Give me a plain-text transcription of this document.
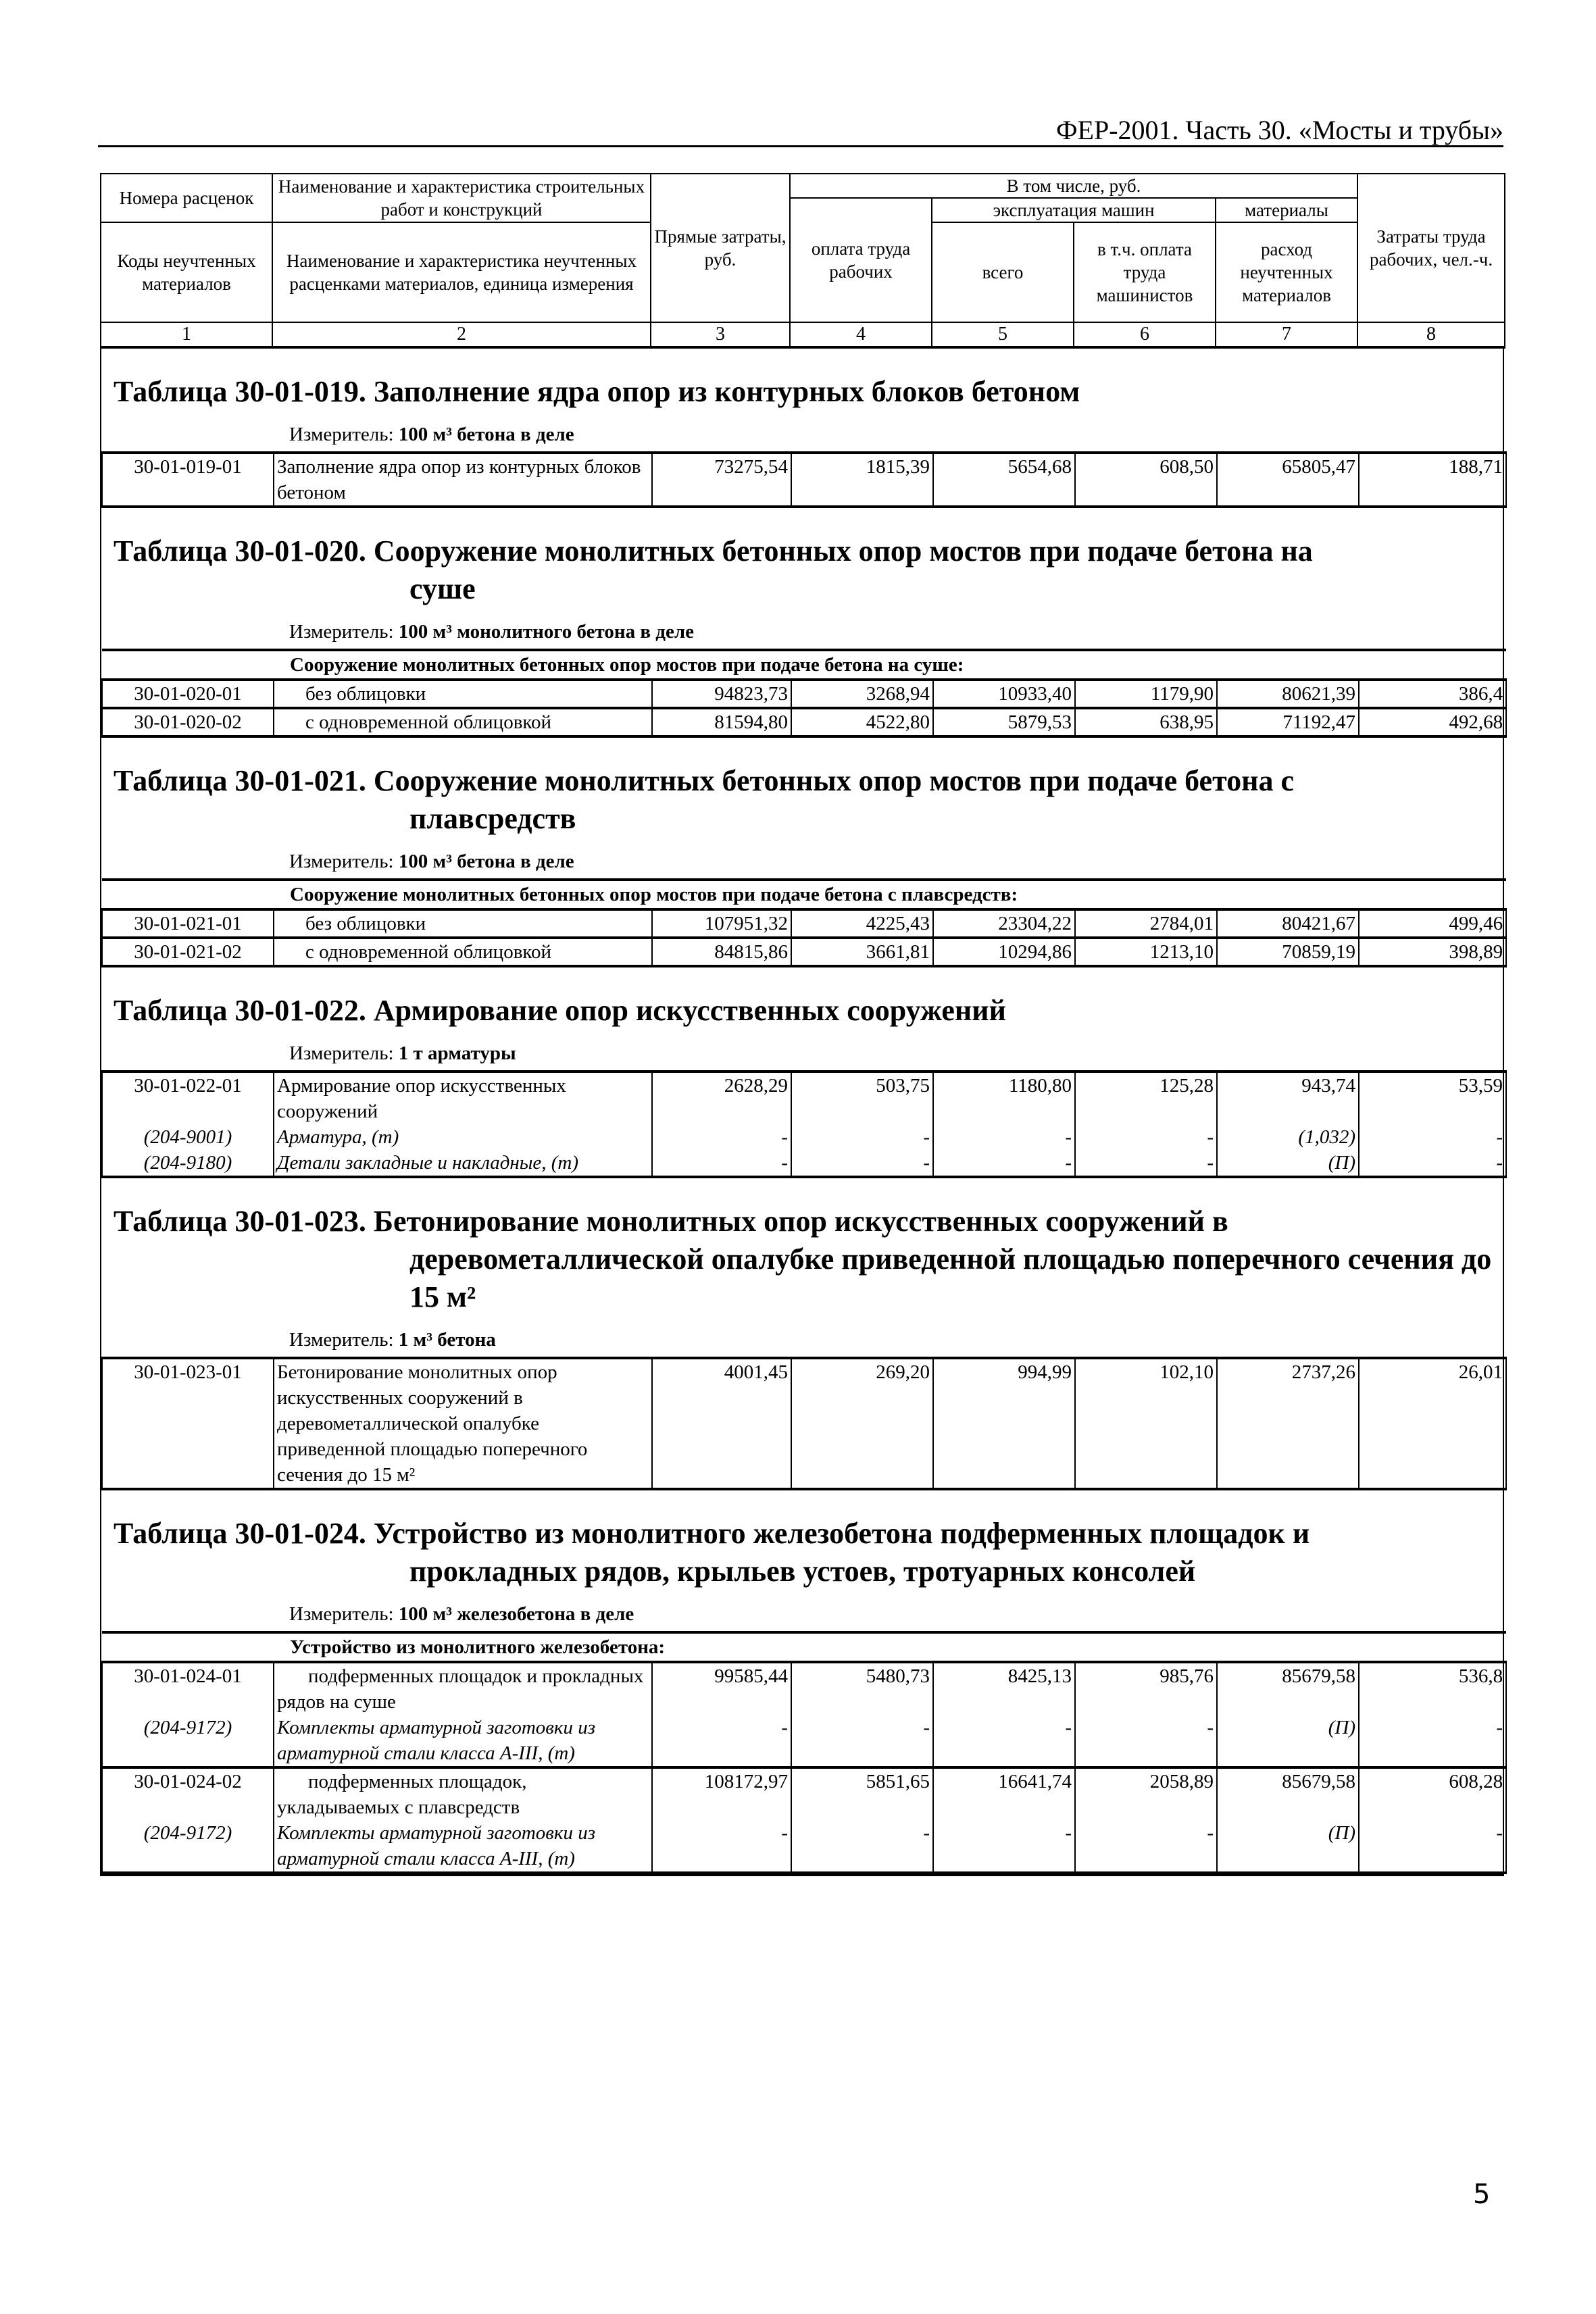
ФЕР-2001. Часть 30. «Мосты и трубы»
Номера расценок	Наименование и характеристика строительных работ и конструкций	Прямые затраты, руб.	В том числе, руб.				Затраты труда рабочих, чел.-ч.
			оплата труда рабочих	эксплуатация машин		материалы	
Коды неучтенных материалов	Наименование и характеристика неучтенных расценками материалов, единица измерения			всего	в т.ч. оплата труда машинистов	расход неучтенных материалов	

1	2	3	4	5	6	7	8
Таблица 30-01-019. Заполнение ядра опор из контурных блоков бетоном
Измеритель: 100 м³ бетона в деле
30-01-019-01	Заполнение ядра опор из контурных блоков бетоном	73275,54	1815,39	5654,68	608,50	65805,47	188,71
Таблица 30-01-020. Сооружение монолитных бетонных опор мостов при подаче бетона на
суше
Измеритель: 100 м³ монолитного бетона в деле
Сооружение монолитных бетонных опор мостов при подаче бетона на суше:							
30-01-020-01	без облицовки	94823,73	3268,94	10933,40	1179,90	80621,39	386,4
30-01-020-02	с одновременной облицовкой	81594,80	4522,80	5879,53	638,95	71192,47	492,68
Таблица 30-01-021. Сооружение монолитных бетонных опор мостов при подаче бетона с
плавсредств
Измеритель: 100 м³ бетона в деле
Сооружение монолитных бетонных опор мостов при подаче бетона с плавсредств:							
30-01-021-01	без облицовки	107951,32	4225,43	23304,22	2784,01	80421,67	499,46
30-01-021-02	с одновременной облицовкой	84815,86	3661,81	10294,86	1213,10	70859,19	398,89
Таблица 30-01-022. Армирование опор искусственных сооружений
Измеритель: 1 т арматуры
30-01-022-01	Армирование опор искусственных сооружений	2628,29	503,75	1180,80	125,28	943,74	53,59
(204-9001)	Арматура, (т)	-	-	-	-	(1,032)	-
(204-9180)	Детали закладные и накладные, (т)	-	-	-	-	(П)	-
Таблица 30-01-023. Бетонирование монолитных опор искусственных сооружений в
деревометаллической опалубке приведенной площадью поперечного сечения до 15 м²
Измеритель: 1 м³ бетона
30-01-023-01	Бетонирование монолитных опор искусственных сооружений в деревометаллической опалубке приведенной площадью поперечного сечения до 15 м²	4001,45	269,20	994,99	102,10	2737,26	26,01
Таблица 30-01-024. Устройство из монолитного железобетона подферменных площадок и
прокладных рядов, крыльев устоев, тротуарных консолей
Измеритель: 100 м³ железобетона в деле
Устройство из монолитного железобетона:							
30-01-024-01	подферменных площадок и прокладных рядов на суше	99585,44	5480,73	8425,13	985,76	85679,58	536,8
(204-9172)	Комплекты арматурной заготовки из арматурной стали класса А-III, (т)	-	-	-	-	(П)	-
30-01-024-02	подферменных площадок, укладываемых с плавсредств	108172,97	5851,65	16641,74	2058,89	85679,58	608,28
(204-9172)	Комплекты арматурной заготовки из арматурной стали класса А-III, (т)	-	-	-	-	(П)	-
5
